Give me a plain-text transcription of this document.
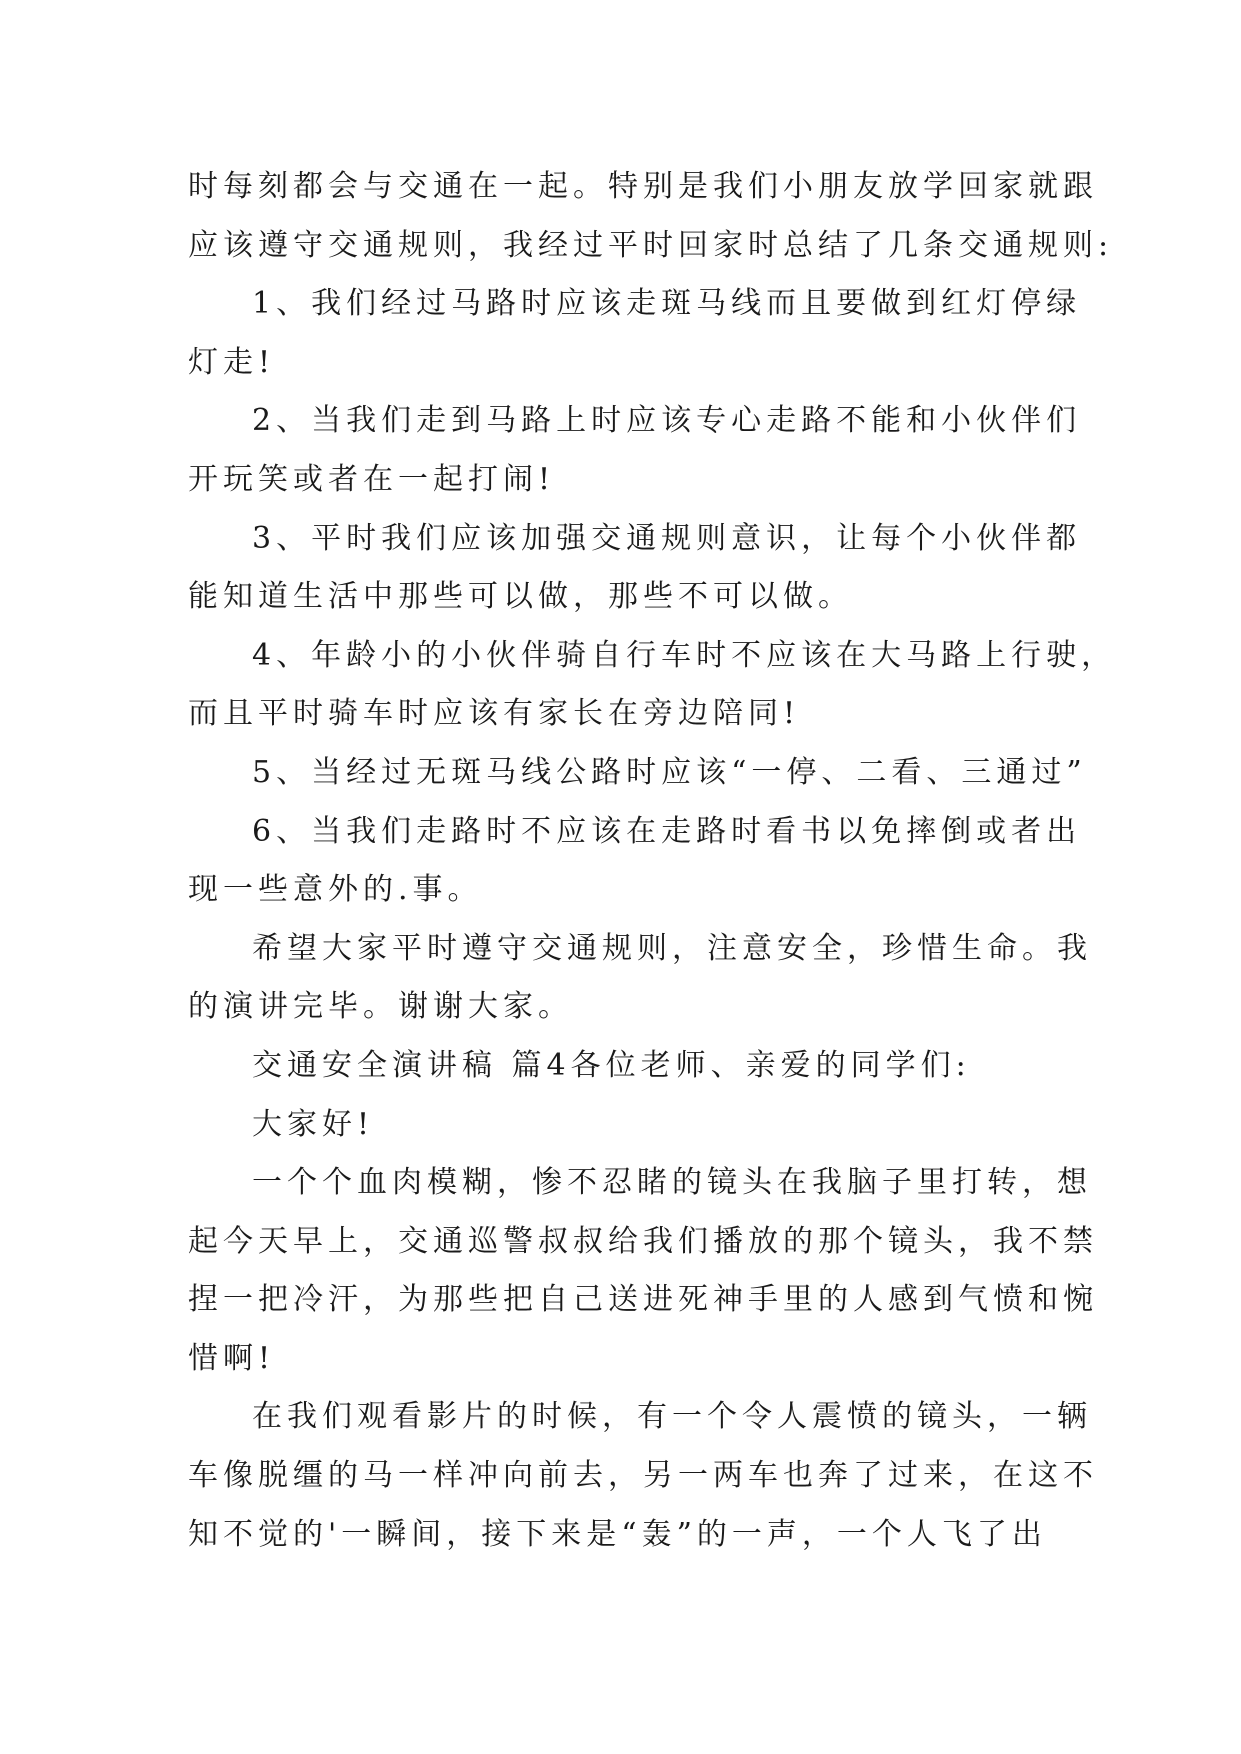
时每刻都会与交通在一起。特别是我们小朋友放学回家就跟
应该遵守交通规则，我经过平时回家时总结了几条交通规则:
1、我们经过马路时应该走斑马线而且要做到红灯停绿
灯走!
2、当我们走到马路上时应该专心走路不能和小伙伴们
开玩笑或者在一起打闹!
3、平时我们应该加强交通规则意识，让每个小伙伴都
能知道生活中那些可以做，那些不可以做。
4、年龄小的小伙伴骑自行车时不应该在大马路上行驶，
而且平时骑车时应该有家长在旁边陪同!
5、当经过无斑马线公路时应该“一停、二看、三通过”
6、当我们走路时不应该在走路时看书以免摔倒或者出
现一些意外的.事。
希望大家平时遵守交通规则，注意安全，珍惜生命。我
的演讲完毕。谢谢大家。
交通安全演讲稿 篇4各位老师、亲爱的同学们:
大家好!
一个个血肉模糊，惨不忍睹的镜头在我脑子里打转，想
起今天早上，交通巡警叔叔给我们播放的那个镜头，我不禁
捏一把冷汗，为那些把自己送进死神手里的人感到气愤和惋
惜啊!
在我们观看影片的时候，有一个令人震愤的镜头，一辆
车像脱缰的马一样冲向前去，另一两车也奔了过来，在这不
知不觉的'一瞬间，接下来是“轰”的一声，一个人飞了出
